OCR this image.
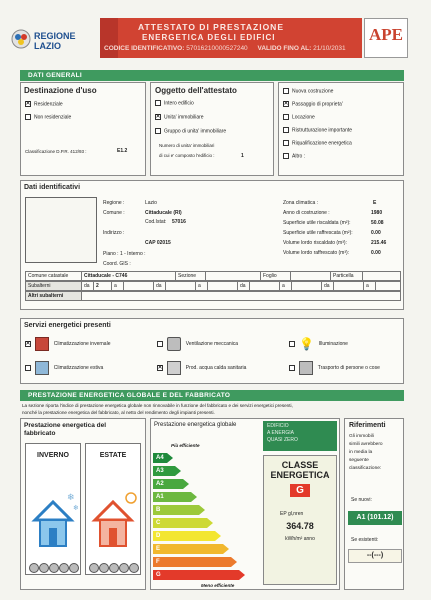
REGIONE LAZIO
ATTESTATO DI PRESTAZIONE
ENERGETICA DEGLI EDIFICI
CODICE IDENTIFICATIVO: 57016210000527240 VALIDO FINO AL: 21/10/2031
APE
DATI GENERALI
Destinazione d'uso
✕Residenziale
Non residenziale
Classificazione D.P.R. 412/93 :	E1.2
Oggetto dell'attestato
Intero edificio
✕Unita' immobiliare
Gruppo di unita' immobiliare
Numero di unita' immobiliari
di cui e' composto l'edificio :	1
Nuova costruzione
✕Passaggio di proprieta'
Locazione
Ristrutturazione importante
Riqualificazione energetica
Altro :
Dati identificativi
Regione :	Lazio
Comune :	Cittaducale (RI)
Cod.Istat: 57016
Indirizzo :
CAP 02015
Piano : 1 - Interno :
Coord. GIS :
Zona climatica :	E
Anno di costruzione :	1980
Superficie utile riscaldata (m²):	50.08
Superficie utile raffrescata (m²):	0.00
Volume lordo riscaldato (m³):	215.46
Volume lordo raffrescato (m³):	0.00
Comune catastale	Cittaducale - C746	Sezione		Foglio		Particella	
Subalterni	da	2	a		da		a		da		a		da		a	
Altri subalterni	
Servizi energetici presenti
✕  Climatizzazione invernale
Climatizzazione estiva
Ventilazione meccanica
✕  Prod. acqua calda sanitaria
💡 Illuminazione
Trasporto di persone o cose
PRESTAZIONE ENERGETICA GLOBALE E DEL FABBRICATO
La sezione riporta l'indice di prestazione energetica globale non rinnovabile in funzione del fabbricato e dei servizi energetici presenti,
nonché la prestazione energetica del fabbricato, al netto del rendimento degli impianti presenti.
Prestazione energetica del
fabbricato
INVERNO
❄
❄
ESTATE
Prestazione energetica globale
Più efficiente
A4
A3
A2
A1
B
C
D
E
F
G
Meno efficiente
EDIFICIO
A ENERGIA
QUASI ZERO
CLASSE
ENERGETICA
G
EP gl,nren
364.78
kWh/m² anno
Riferimenti
Gli immobili
simili avrebbero
in media la
seguente
classificazione:
Se nuovi:
A1 (101.12)
Se esistenti:
--(---)
